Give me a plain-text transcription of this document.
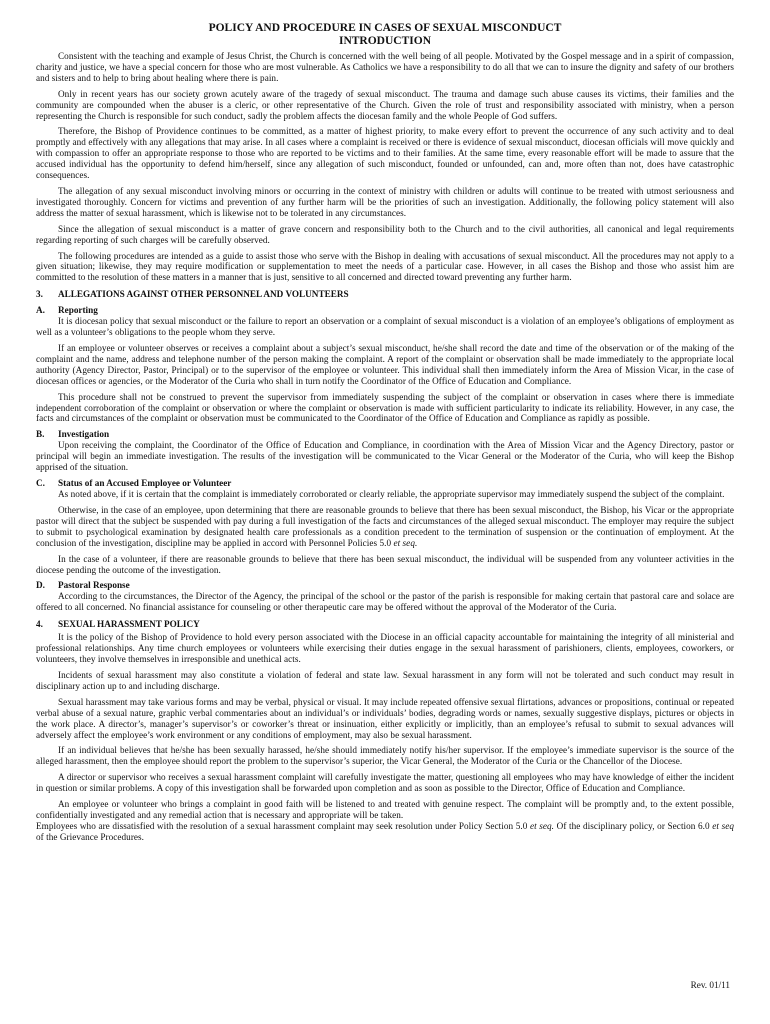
POLICY AND PROCEDURE IN CASES OF SEXUAL MISCONDUCT
INTRODUCTION

Consistent with the teaching and example of Jesus Christ, the Church is concerned with the well being of all people. Motivated by the Gospel message and in a spirit of compassion, charity and justice, we have a special concern for those who are most vulnerable. As Catholics we have a responsibility to do all that we can to insure the dignity and safety of our brothers and sisters and to help to bring about healing where there is pain.

Only in recent years has our society grown acutely aware of the tragedy of sexual misconduct. The trauma and damage such abuse causes its victims, their families and the community are compounded when the abuser is a cleric, or other representative of the Church. Given the role of trust and responsibility associated with ministry, when a person representing the Church is responsible for such conduct, sadly the problem affects the diocesan family and the whole People of God suffers.

Therefore, the Bishop of Providence continues to be committed, as a matter of highest priority, to make every effort to prevent the occurrence of any such activity and to deal promptly and effectively with any allegations that may arise. In all cases where a complaint is received or there is evidence of sexual misconduct, diocesan officials will move quickly and with compassion to offer an appropriate response to those who are reported to be victims and to their families. At the same time, every reasonable effort will be made to assure that the accused individual has the opportunity to defend him/herself, since any allegation of such misconduct, founded or unfounded, can and, more often than not, does have catastrophic consequences.

The allegation of any sexual misconduct involving minors or occurring in the context of ministry with children or adults will continue to be treated with utmost seriousness and investigated thoroughly. Concern for victims and prevention of any further harm will be the priorities of such an investigation. Additionally, the following policy statement will also address the matter of sexual harassment, which is likewise not to be tolerated in any circumstances.

Since the allegation of sexual misconduct is a matter of grave concern and responsibility both to the Church and to the civil authorities, all canonical and legal requirements regarding reporting of such charges will be carefully observed.

The following procedures are intended as a guide to assist those who serve with the Bishop in dealing with accusations of sexual misconduct. All the procedures may not apply to a given situation; likewise, they may require modification or supplementation to meet the needs of a particular case. However, in all cases the Bishop and those who assist him are committed to the resolution of these matters in a manner that is just, sensitive to all concerned and directed toward preventing any further harm.

3. ALLEGATIONS AGAINST OTHER PERSONNEL AND VOLUNTEERS
A. Reporting

It is diocesan policy that sexual misconduct or the failure to report an observation or a complaint of sexual misconduct is a violation of an employee’s obligations of employment as well as a volunteer’s obligations to the people whom they serve.

If an employee or volunteer observes or receives a complaint about a subject’s sexual misconduct, he/she shall record the date and time of the observation or of the making of the complaint and the name, address and telephone number of the person making the complaint. A report of the complaint or observation shall be made immediately to the appropriate local authority (Agency Director, Pastor, Principal) or to the supervisor of the employee or volunteer. This individual shall then immediately inform the Area of Mission Vicar, in the case of diocesan offices or agencies, or the Moderator of the Curia who shall in turn notify the Coordinator of the Office of Education and Compliance.

This procedure shall not be construed to prevent the supervisor from immediately suspending the subject of the complaint or observation in cases where there is immediate independent corroboration of the complaint or observation or where the complaint or observation is made with sufficient particularity to indicate its reliability. However, in any case, the facts and circumstances of the complaint or observation must be communicated to the Coordinator of the Office of Education and Compliance as rapidly as possible.

B. Investigation

Upon receiving the complaint, the Coordinator of the Office of Education and Compliance, in coordination with the Area of Mission Vicar and the Agency Directory, pastor or principal will begin an immediate investigation. The results of the investigation will be communicated to the Vicar General or the Moderator of the Curia, who will keep the Bishop apprised of the situation.

C. Status of an Accused Employee or Volunteer

As noted above, if it is certain that the complaint is immediately corroborated or clearly reliable, the appropriate supervisor may immediately suspend the subject of the complaint.

Otherwise, in the case of an employee, upon determining that there are reasonable grounds to believe that there has been sexual misconduct, the Bishop, his Vicar or the appropriate pastor will direct that the subject be suspended with pay during a full investigation of the facts and circumstances of the alleged sexual misconduct. The employer may require the subject to submit to psychological examination by designated health care professionals as a condition precedent to the termination of suspension or the continuation of employment. At the conclusion of the investigation, discipline may be applied in accord with Personnel Policies 5.0 et seq.

In the case of a volunteer, if there are reasonable grounds to believe that there has been sexual misconduct, the individual will be suspended from any volunteer activities in the diocese pending the outcome of the investigation.

D. Pastoral Response

According to the circumstances, the Director of the Agency, the principal of the school or the pastor of the parish is responsible for making certain that pastoral care and solace are offered to all concerned. No financial assistance for counseling or other therapeutic care may be offered without the approval of the Moderator of the Curia.

4. SEXUAL HARASSMENT POLICY

It is the policy of the Bishop of Providence to hold every person associated with the Diocese in an official capacity accountable for maintaining the integrity of all ministerial and professional relationships. Any time church employees or volunteers while exercising their duties engage in the sexual harassment of parishioners, clients, employees, coworkers, or volunteers, they involve themselves in irresponsible and unethical acts.

Incidents of sexual harassment may also constitute a violation of federal and state law. Sexual harassment in any form will not be tolerated and such conduct may result in disciplinary action up to and including discharge.

Sexual harassment may take various forms and may be verbal, physical or visual. It may include repeated offensive sexual flirtations, advances or propositions, continual or repeated verbal abuse of a sexual nature, graphic verbal commentaries about an individual’s or individuals’ bodies, degrading words or names, sexually suggestive displays, pictures or objects in the work place. A director’s, manager’s supervisor’s or coworker’s threat or insinuation, either explicitly or implicitly, than an employee’s refusal to submit to sexual advances will adversely affect the employee’s work environment or any conditions of employment, may also be sexual harassment.

If an individual believes that he/she has been sexually harassed, he/she should immediately notify his/her supervisor. If the employee’s immediate supervisor is the source of the alleged harassment, then the employee should report the problem to the supervisor’s superior, the Vicar General, the Moderator of the Curia or the Chancellor of the Diocese.

A director or supervisor who receives a sexual harassment complaint will carefully investigate the matter, questioning all employees who may have knowledge of either the incident in question or similar problems. A copy of this investigation shall be forwarded upon completion and as soon as possible to the Director, Office of Education and Compliance.

An employee or volunteer who brings a complaint in good faith will be listened to and treated with genuine respect. The complaint will be promptly and, to the extent possible, confidentially investigated and any remedial action that is necessary and appropriate will be taken.

Employees who are dissatisfied with the resolution of a sexual harassment complaint may seek resolution under Policy Section 5.0 et seq. Of the disciplinary policy, or Section 6.0 et seq of the Grievance Procedures.

Rev. 01/11
